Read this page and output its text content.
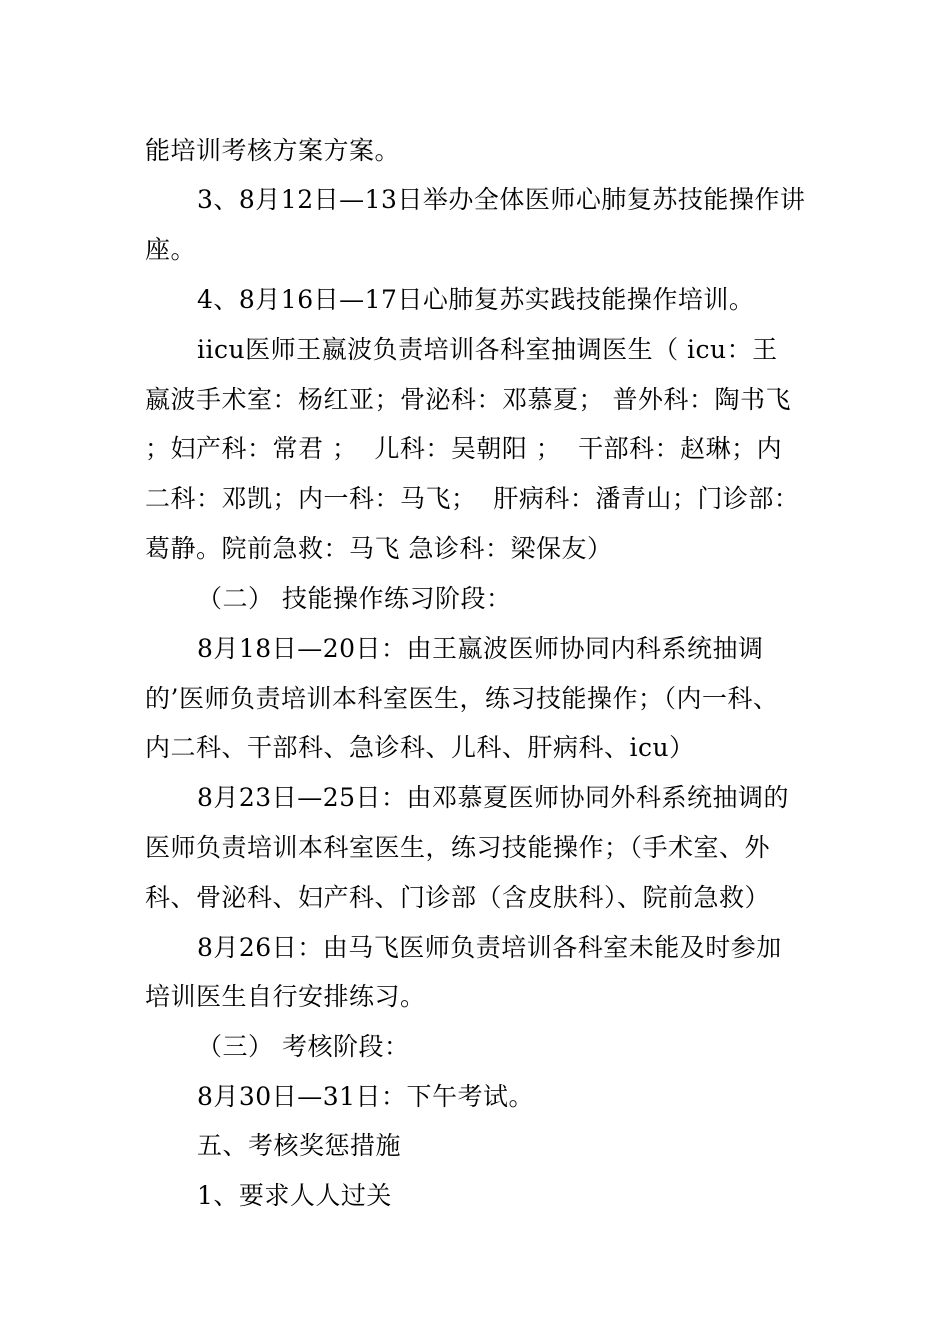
能培训考核方案方案。
3、8月12日—13日举办全体医师心肺复苏技能操作讲
座。
4、8月16日—17日心肺复苏实践技能操作培训。
iicu医师王嬴波负责培训各科室抽调医生（ icu：王
嬴波手术室：杨红亚；骨泌科：邓慕夏； 普外科：陶书飞
；妇产科：常君 ；  儿科：吴朝阳 ；  干部科：赵琳；内
二科：邓凯；内一科：马飞；  肝病科：潘青山；门诊部：
葛静。院前急救：马飞 急诊科：梁保友）
（二） 技能操作练习阶段：
8月18日—20日：由王嬴波医师协同内科系统抽调
的’医师负责培训本科室医生，练习技能操作；（内一科、
内二科、干部科、急诊科、儿科、肝病科、icu）
8月23日—25日：由邓慕夏医师协同外科系统抽调的
医师负责培训本科室医生，练习技能操作；（手术室、外
科、骨泌科、妇产科、门诊部（含皮肤科）、院前急救）
8月26日：由马飞医师负责培训各科室未能及时参加
培训医生自行安排练习。
（三） 考核阶段：
8月30日—31日：下午考试。
五、考核奖惩措施
1、要求人人过关
